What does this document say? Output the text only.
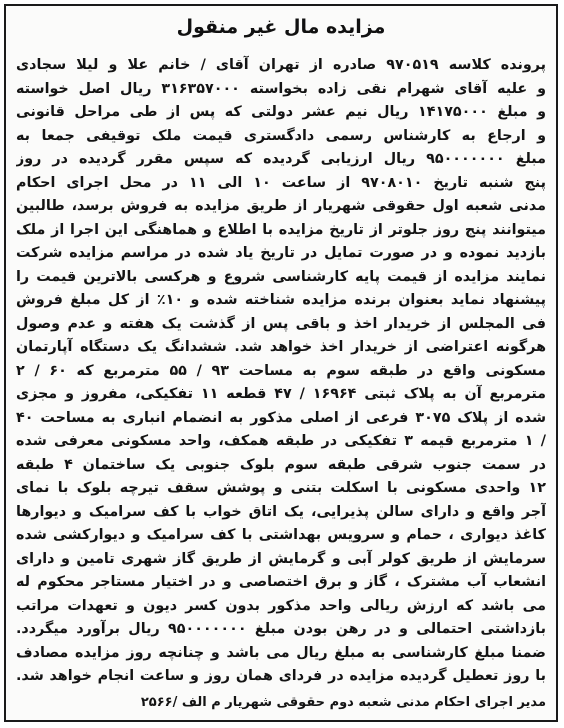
مزایده مال غیر منقول
پرونده کلاسه ۹۷۰۵۱۹ صادره از تهران آقای / خانم علا و لیلا سجادی
و علیه آقای شهرام نقی زاده بخواسته ۳۱۶۳۵۷۰۰۰ ریال اصل خواسته
و مبلغ ۱۴۱۷۵۰۰۰ ریال نیم عشر دولتی که پس از طی مراحل قانونی
و ارجاع به کارشناس رسمی دادگستری قیمت ملک توقیفی جمعا به
مبلغ ۹۵۰۰۰۰۰۰۰ ریال ارزیابی گردیده که سپس مقرر گردیده در روز
پنج شنبه تاریخ ۹۷۰۸۰۱۰ از ساعت ۱۰ الی ۱۱ در محل اجرای احکام
مدنی شعبه اول حقوقی شهریار از طریق مزایده به فروش برسد، طالبین
میتوانند پنج روز جلوتر از تاریخ مزایده با اطلاع و هماهنگی این اجرا از ملک
بازدید نموده و در صورت تمایل در تاریخ یاد شده در مراسم مزایده شرکت
نمایند مزایده از قیمت پایه کارشناسی شروع و هرکسی بالاترین قیمت را
پیشنهاد نماید بعنوان برنده مزایده شناخته شده و ۱۰٪ از کل مبلغ فروش
فی المجلس از خریدار اخذ و باقی پس از گذشت یک هفته و عدم وصول
هرگونه اعتراضی از خریدار اخذ خواهد شد. ششدانگ یک دستگاه آپارتمان
مسکونی واقع در طبقه سوم به مساحت ۹۳ / ۵۵ مترمربع که ۶۰ / ۲
مترمربع آن به پلاک ثبتی ۱۶۹۶۴ / ۴۷ قطعه ۱۱ تفکیکی، مفروز و مجزی
شده از پلاک ۳۰۷۵ فرعی از اصلی مذکور به انضمام انباری به مساحت ۴۰
/ ۱ مترمربع قیمه ۳ تفکیکی در طبقه همکف، واحد مسکونی معرفی شده
در سمت جنوب شرقی طبقه سوم بلوک جنوبی یک ساختمان ۴ طبقه
۱۲ واحدی مسکونی با اسکلت بتنی و پوشش سقف تیرچه بلوک با نمای
آجر واقع و دارای سالن پذیرایی، یک اتاق خواب با کف سرامیک و دیوارها
کاغذ دیواری ، حمام و سرویس بهداشتی با کف سرامیک و دیوارکشی شده
سرمایش از طریق کولر آبی و گرمایش از طریق گاز شهری تامین و دارای
انشعاب آب مشترک ، گاز و برق اختصاصی و در اختیار مستاجر محکوم له
می باشد که ارزش ریالی واحد مذکور بدون کسر دیون و تعهدات مراتب
بازداشتی احتمالی و در رهن بودن مبلغ ۹۵۰۰۰۰۰۰۰ ریال برآورد میگردد.
ضمنا مبلغ کارشناسی به مبلغ ریال می باشد و چنانچه روز مزایده مصادف
با روز تعطیل گردیده مزایده در فردای همان روز و ساعت انجام خواهد شد.
مدیر اجرای احکام مدنی شعبه دوم حقوقی شهریار م الف /۲۵۶۶
